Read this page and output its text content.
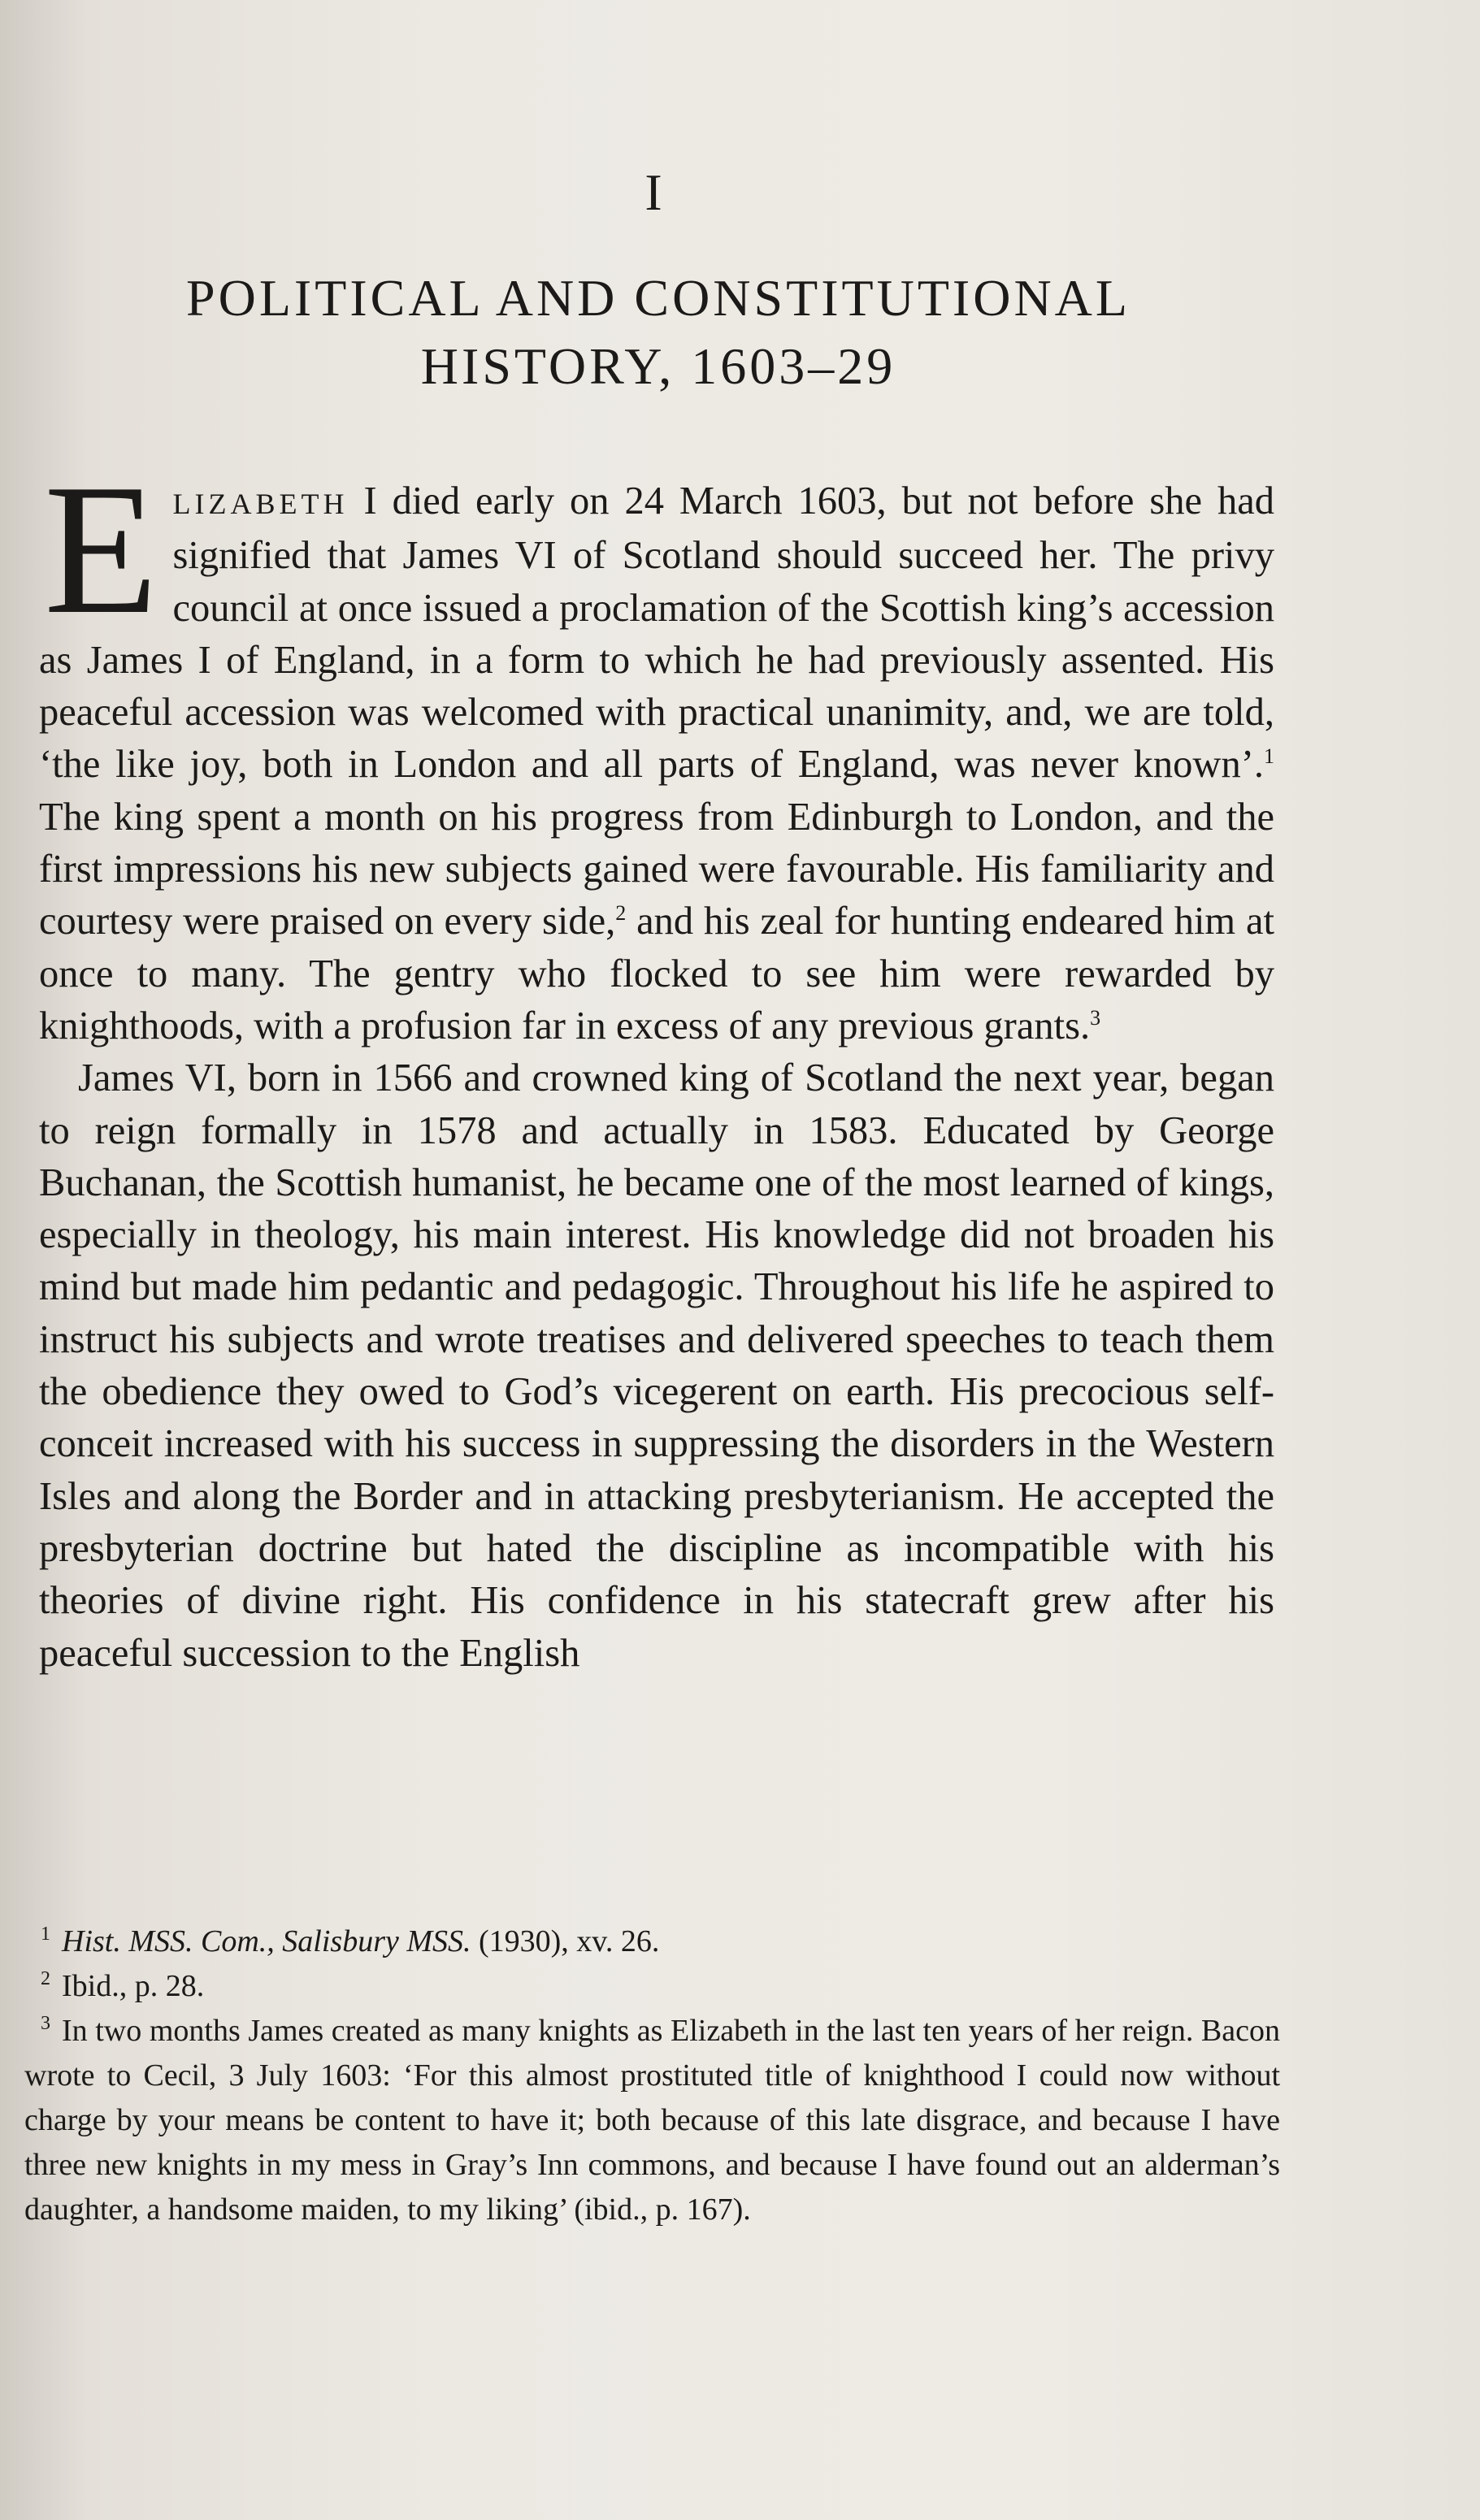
I
POLITICAL AND CONSTITUTIONAL
HISTORY, 1603–29

ELIZABETH I died early on 24 March 1603, but not before she had signified that James VI of Scotland should succeed her. The privy council at once issued a proclamation of the Scottish king’s accession as James I of England, in a form to which he had previously assented. His peaceful accession was welcomed with practical unanimity, and, we are told, ‘the like joy, both in London and all parts of England, was never known’.$^1$ The king spent a month on his progress from Edinburgh to London, and the first impressions his new subjects gained were favourable. His familiarity and courtesy were praised on every side,$^2$ and his zeal for hunting endeared him at once to many. The gentry who flocked to see him were rewarded by knighthoods, with a profusion far in excess of any previous grants.$^3$

James VI, born in 1566 and crowned king of Scotland the next year, began to reign formally in 1578 and actually in 1583. Educated by George Buchanan, the Scottish humanist, he became one of the most learned of kings, especially in theology, his main interest. His knowledge did not broaden his mind but made him pedantic and pedagogic. Throughout his life he aspired to instruct his subjects and wrote treatises and delivered speeches to teach them the obedience they owed to God’s vicegerent on earth. His precocious self-conceit increased with his success in suppressing the disorders in the Western Isles and along the Border and in attacking presbyterianism. He accepted the presbyterian doctrine but hated the discipline as incompatible with his theories of divine right. His confidence in his statecraft grew after his peaceful succession to the English

$^1$ Hist. MSS. Com., Salisbury MSS. (1930), xv. 26.

$^2$ Ibid., p. 28.

$^3$ In two months James created as many knights as Elizabeth in the last ten years of her reign. Bacon wrote to Cecil, 3 July 1603: ‘For this almost prostituted title of knighthood I could now without charge by your means be content to have it; both because of this late disgrace, and because I have three new knights in my mess in Gray’s Inn commons, and because I have found out an alderman’s daughter, a handsome maiden, to my liking’ (ibid., p. 167).
